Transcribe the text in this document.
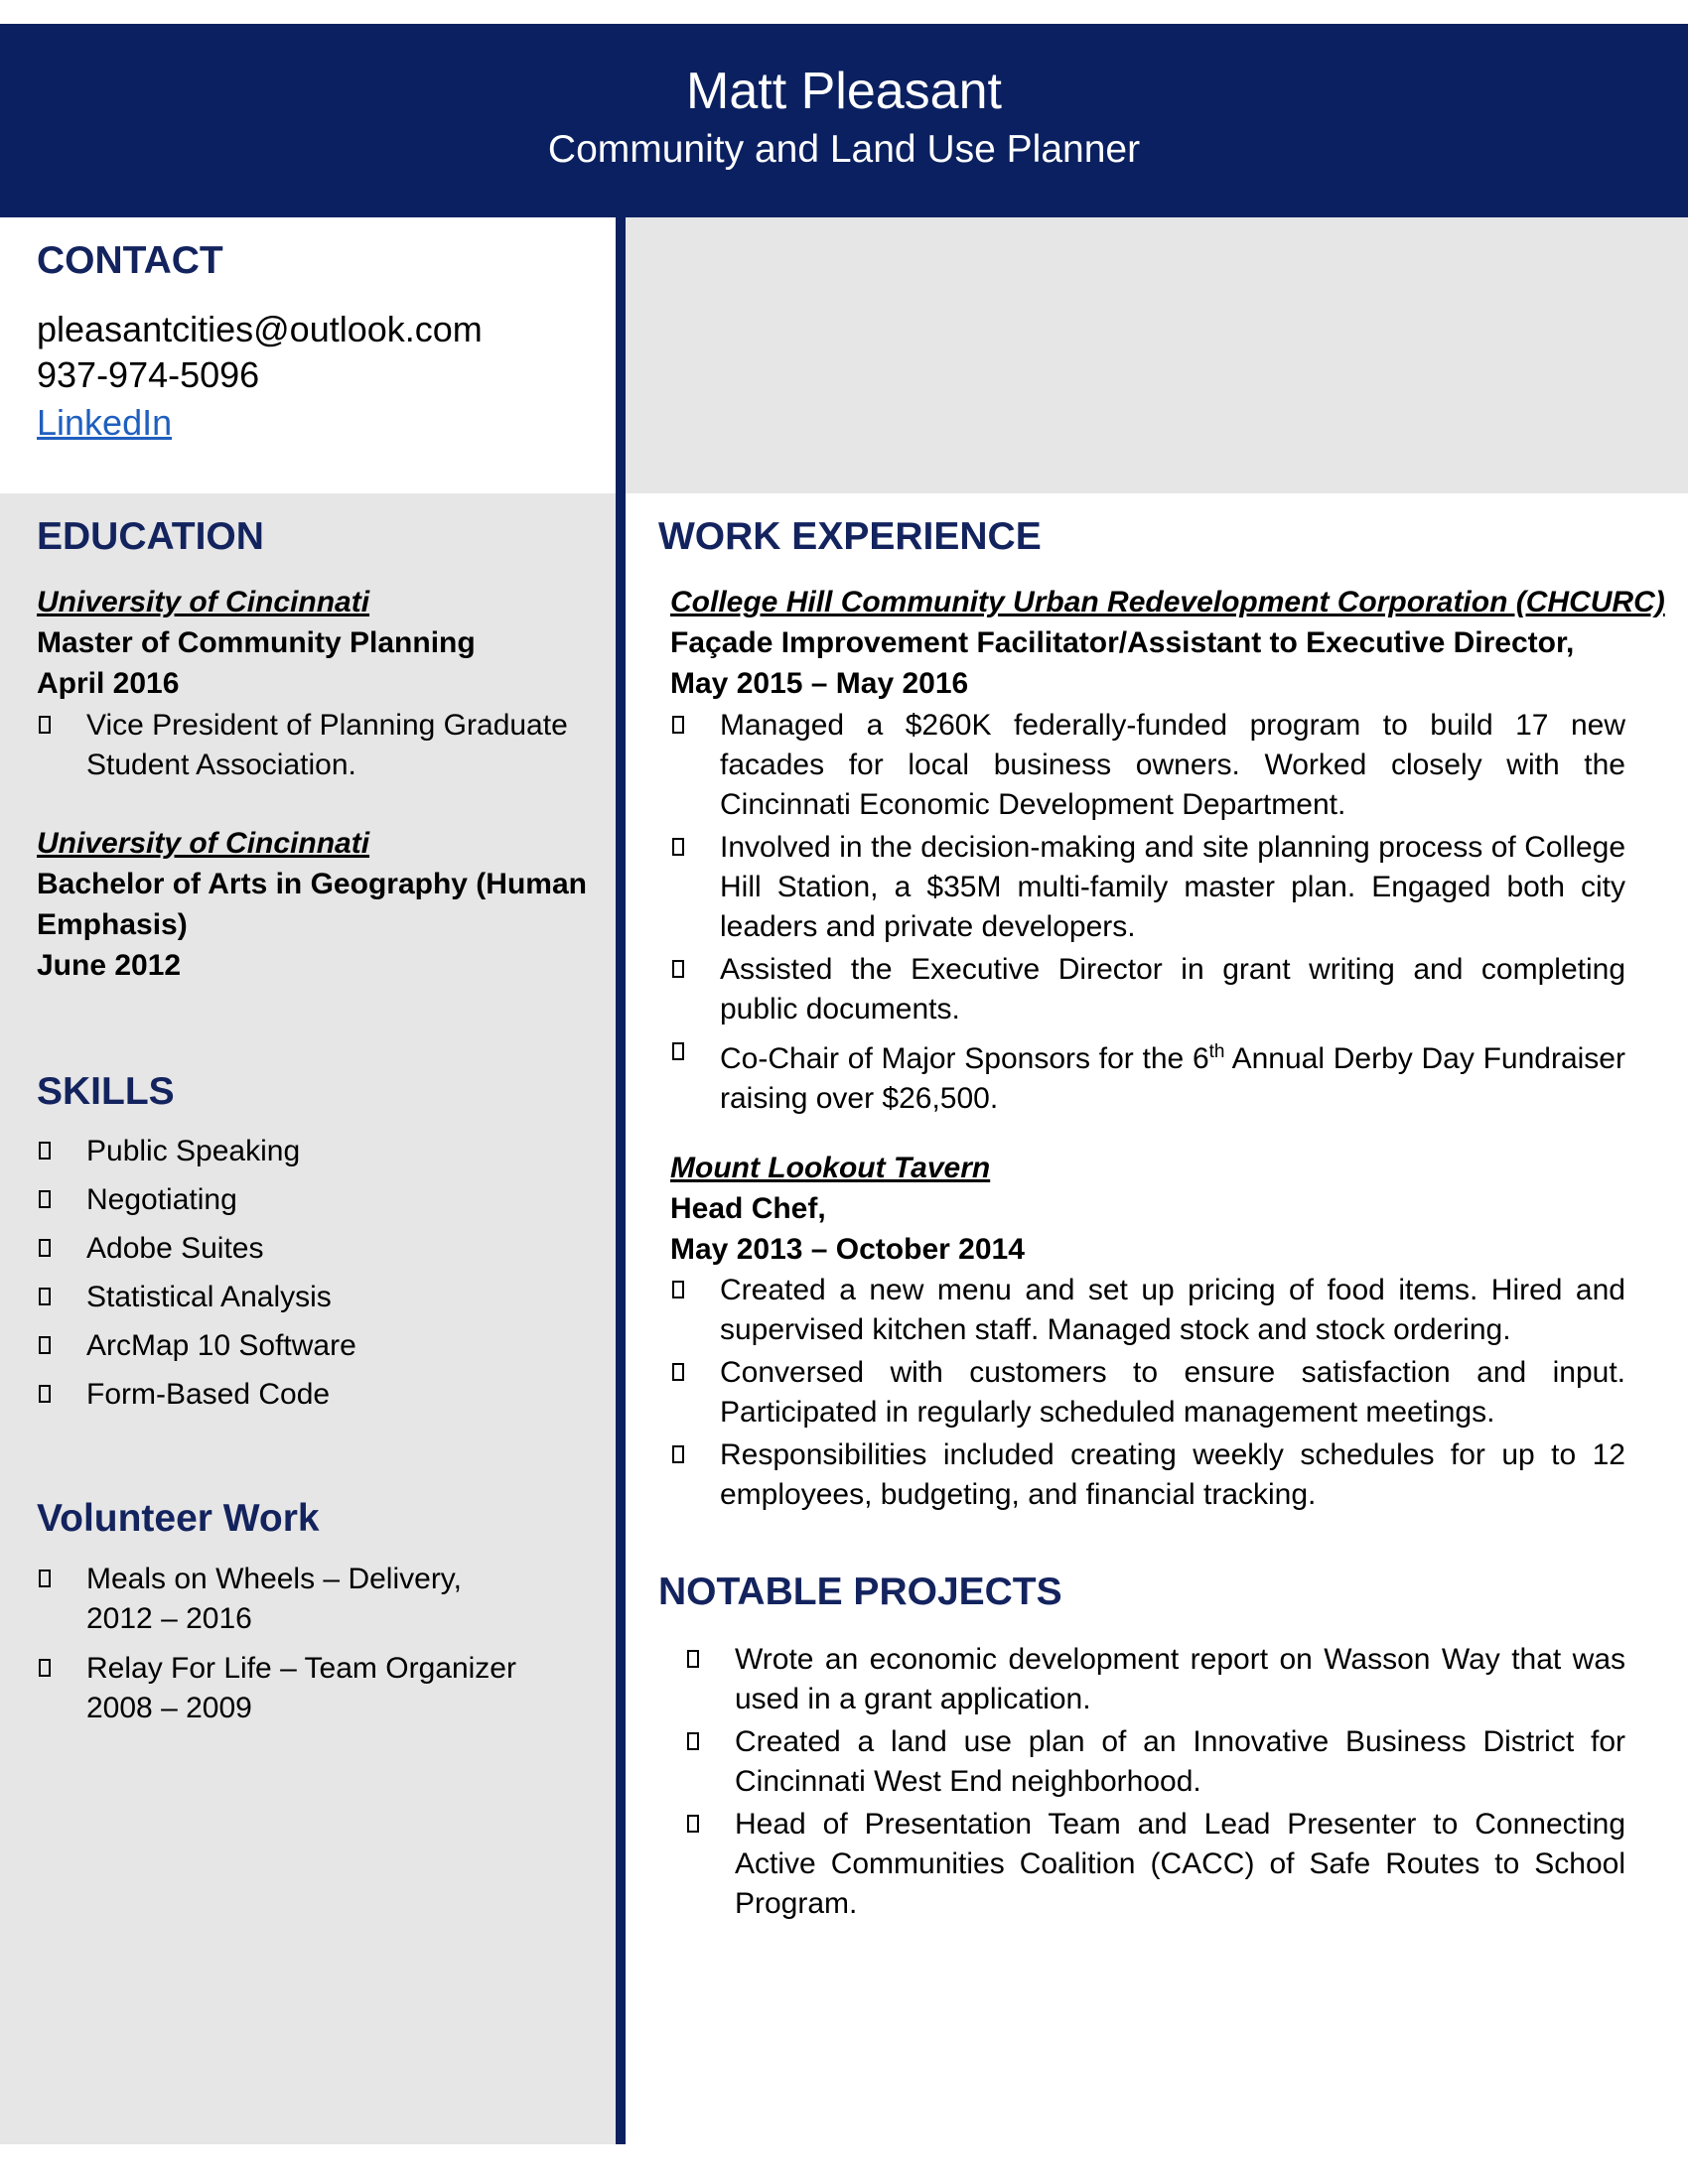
Matt Pleasant
Community and Land Use Planner
CONTACT
pleasantcities@outlook.com
937-974-5096
LinkedIn
EDUCATION
University of Cincinnati
Master of Community Planning
April 2016
Vice President of Planning Graduate Student Association.
University of Cincinnati
Bachelor of Arts in Geography (Human Emphasis)
June 2012
SKILLS
Public Speaking
Negotiating
Adobe Suites
Statistical Analysis
ArcMap 10 Software
Form-Based Code
Volunteer Work
Meals on Wheels – Delivery,
2012 – 2016
Relay For Life – Team Organizer
2008 – 2009
WORK EXPERIENCE
College Hill Community Urban Redevelopment Corporation (CHCURC)
Façade Improvement Facilitator/Assistant to Executive Director, May 2015 – May 2016
Managed a $260K federally-funded program to build 17 new facades for local business owners. Worked closely with the Cincinnati Economic Development Department.
Involved in the decision-making and site planning process of College Hill Station, a $35M multi-family master plan. Engaged both city leaders and private developers.
Assisted the Executive Director in grant writing and completing public documents.
Co-Chair of Major Sponsors for the 6th Annual Derby Day Fundraiser raising over $26,500.
Mount Lookout Tavern
Head Chef,
May 2013 – October 2014
Created a new menu and set up pricing of food items. Hired and supervised kitchen staff. Managed stock and stock ordering.
Conversed with customers to ensure satisfaction and input. Participated in regularly scheduled management meetings.
Responsibilities included creating weekly schedules for up to 12 employees, budgeting, and financial tracking.
NOTABLE PROJECTS
Wrote an economic development report on Wasson Way that was used in a grant application.
Created a land use plan of an Innovative Business District for Cincinnati West End neighborhood.
Head of Presentation Team and Lead Presenter to Connecting Active Communities Coalition (CACC) of Safe Routes to School Program.
